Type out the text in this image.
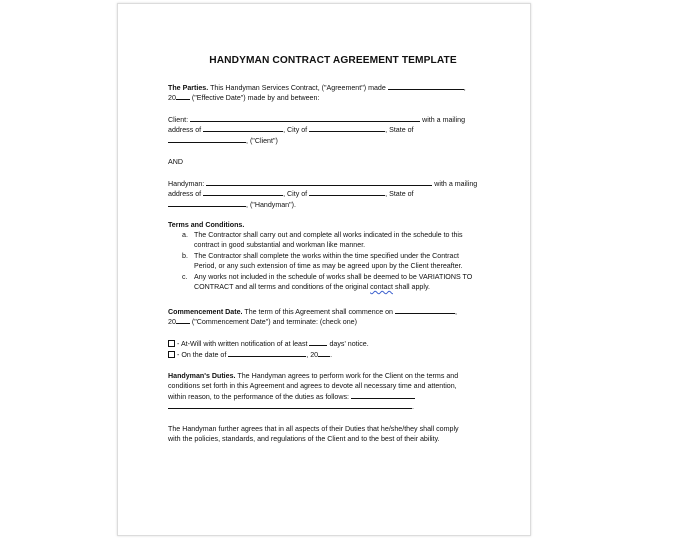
HANDYMAN CONTRACT AGREEMENT TEMPLATE
The Parties. This Handyman Services Contract, ("Agreement") made	,
20 ("Effective Date") made by and between:
Client:	with a mailing
address of	, City of	, State of
, ("Client")
AND
Handyman:	with a mailing
address of	, City of	, State of
, ("Handyman").
Terms and Conditions.
a. The Contractor shall carry out and complete all works indicated in the schedule to this
contract in good substantial and workman like manner.
b. The Contractor shall complete the works within the time specified under the Contract
Period, or any such extension of time as may be agreed upon by the Client thereafter.
c. Any works not included in the schedule of works shall be deemed to be VARIATIONS TO
CONTRACT and all terms and conditions of the original contact shall apply.
Commencement Date. The term of this Agreement shall commence on	,
20 ("Commencement Date") and terminate: (check one)
- At-Will with written notification of at least	days' notice.
- On the date of	, 20 .
Handyman's Duties. The Handyman agrees to perform work for the Client on the terms and
conditions set forth in this Agreement and agrees to devote all necessary time and attention,
within reason, to the performance of the duties as follows:
.
The Handyman further agrees that in all aspects of their Duties that he/she/they shall comply
with the policies, standards, and regulations of the Client and to the best of their ability.
